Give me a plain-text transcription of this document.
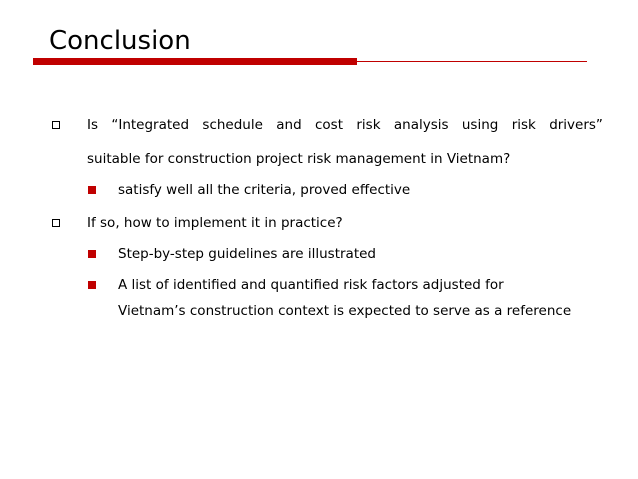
Conclusion
Is “Integrated schedule and cost risk analysis using risk drivers”
suitable for construction project risk management in Vietnam?
satisfy well all the criteria, proved effective
If so, how to implement it in practice?
Step-by-step guidelines are illustrated
A list of identified and quantified risk factors adjusted for
Vietnam’s construction context is expected to serve as a reference
